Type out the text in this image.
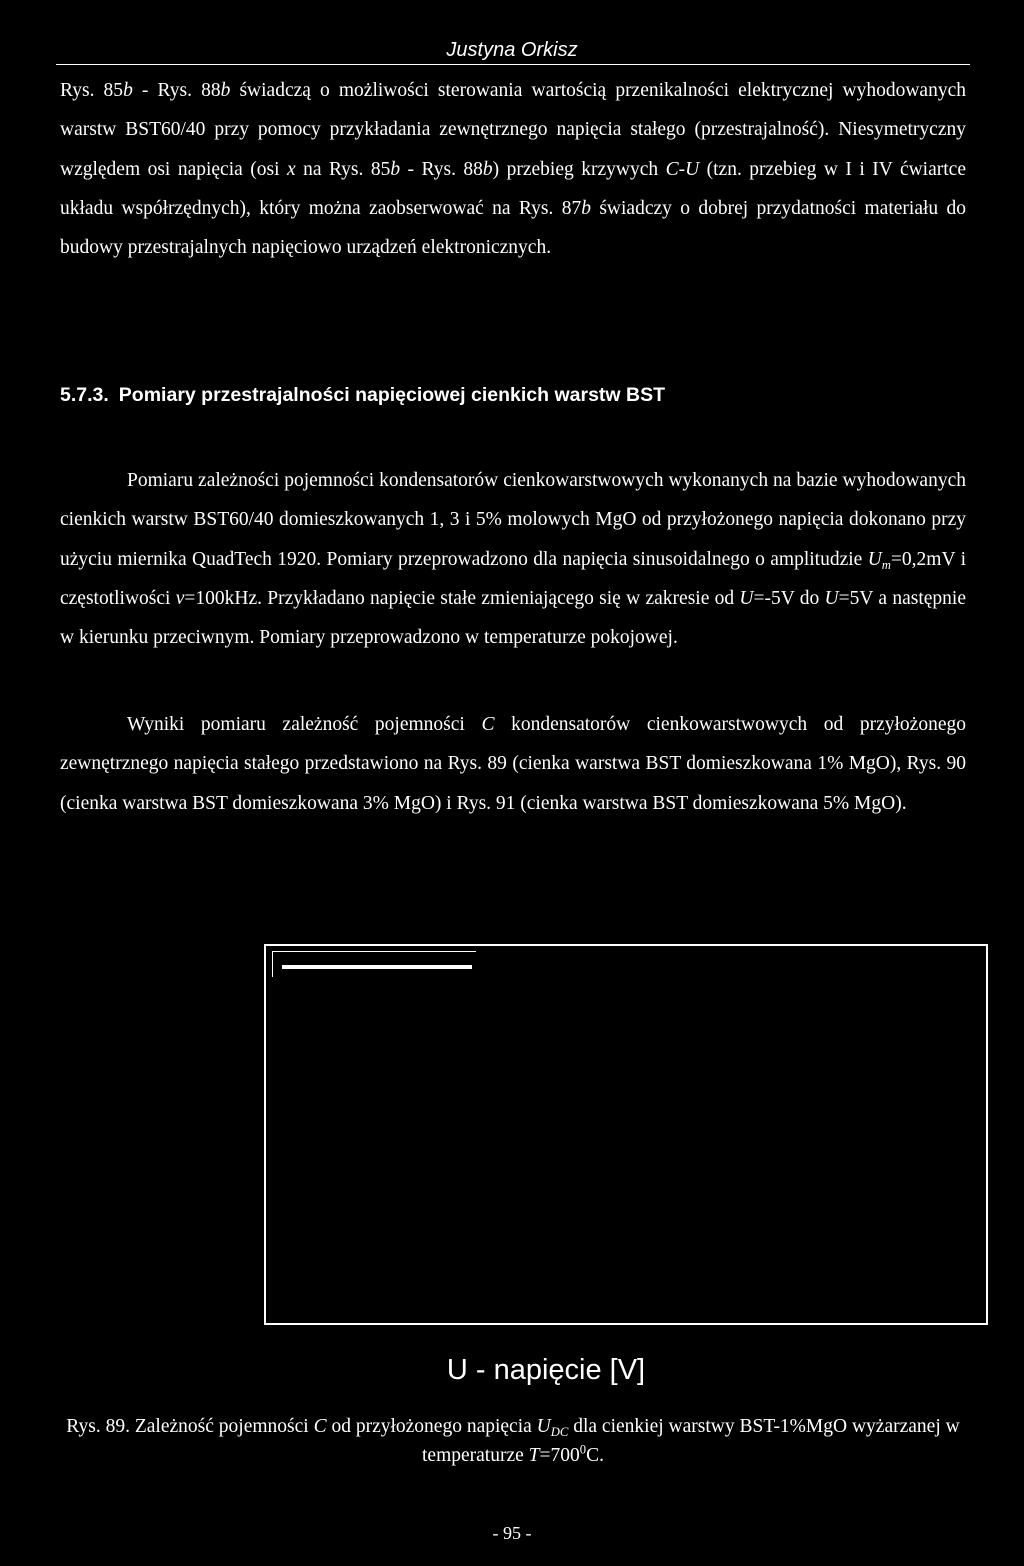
Justyna Orkisz
Rys. 85b - Rys. 88b świadczą o możliwości sterowania wartością przenikalności elektrycznej wyhodowanych warstw BST60/40 przy pomocy przykładania zewnętrznego napięcia stałego (przestrajalność). Niesymetryczny względem osi napięcia (osi x na Rys. 85b - Rys. 88b) przebieg krzywych C-U (tzn. przebieg w I i IV ćwiartce układu współrzędnych), który można zaobserwować na Rys. 87b świadczy o dobrej przydatności materiału do budowy przestrajalnych napięciowo urządzeń elektronicznych.
5.7.3. Pomiary przestrajalności napięciowej cienkich warstw BST
Pomiaru zależności pojemności kondensatorów cienkowarstwowych wykonanych na bazie wyhodowanych cienkich warstw BST60/40 domieszkowanych 1, 3 i 5% molowych MgO od przyłożonego napięcia dokonano przy użyciu miernika QuadTech 1920. Pomiary przeprowadzono dla napięcia sinusoidalnego o amplitudzie $U_m=0,2mV$ i częstotliwości ν=100kHz. Przykładano napięcie stałe zmieniającego się w zakresie od U=-5V do U=5V a następnie w kierunku przeciwnym. Pomiary przeprowadzono w temperaturze pokojowej.
Wyniki pomiaru zależność pojemności C kondensatorów cienkowarstwowych od przyłożonego zewnętrznego napięcia stałego przedstawiono na Rys. 89 (cienka warstwa BST domieszkowana 1% MgO), Rys. 90 (cienka warstwa BST domieszkowana 3% MgO) i Rys. 91 (cienka warstwa BST domieszkowana 5% MgO).
U - napięcie [V]
Rys. 89. Zależność pojemności C od przyłożonego napięcia $U_{DC}$ dla cienkiej warstwy BST-1%MgO wyżarzanej w temperaturze $T=700^0C$.
- 95 -
